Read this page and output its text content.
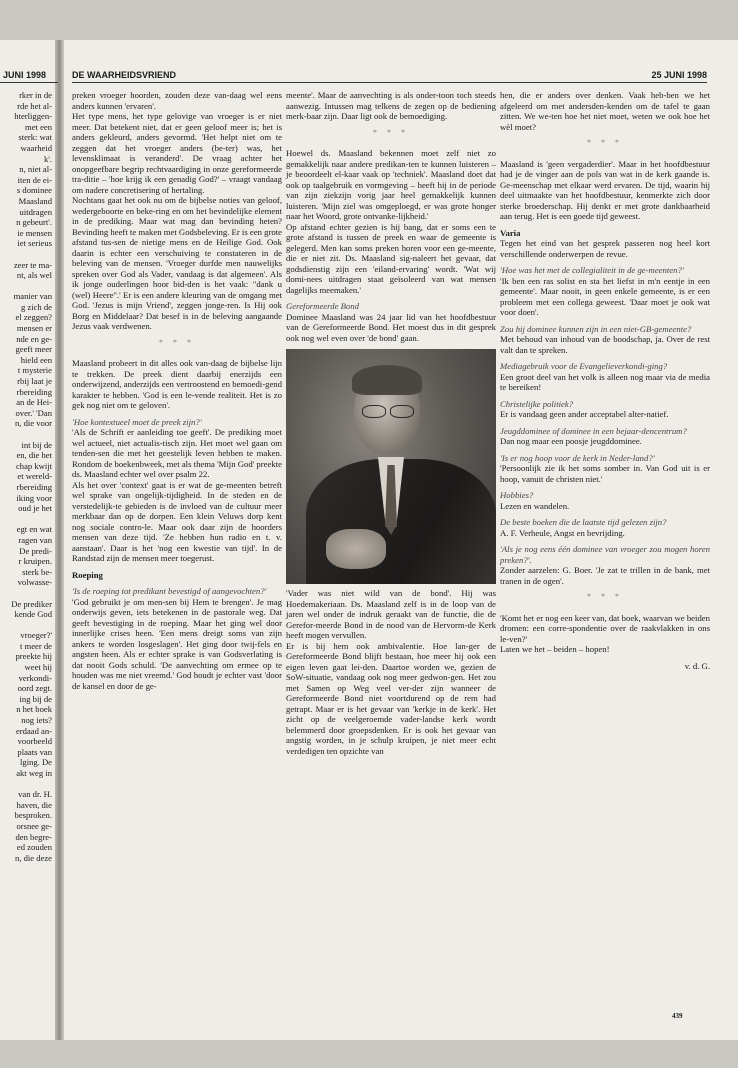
JUNI 1998

rker in de

rde het al-

hterliggen-

met een

sterk: wat

waarheid

k'.

n, niet al-

iten de ei-

s dominee

Maasland

uitdragen

n gebeurt'.

ie mensen

iet serieus

zeer te ma-

nt, als wel

manier van

g zich de

el zeggen?

mensen er

nde en ge-

geeft meer

hield een

t mysterie

rbij laat je

rbereiding

an de Hei-

over.' 'Dan

n, die voor

int bij de

en, die het

chap kwijt

et wereld-

rbereiding

iking voor

oud je het

egt en wat

ragen van

De predi-

r kruipen.

sterk be-

volwasse-

De prediker

kende God

vroeger?'

t meer de

preekte hij

weet hij

verkondi-

oord zegt.

ing bij de

n het boek

nog iets?

erdaad an-

voorbeeld

plaats van

lging. De

akt weg in

van dr. H.

haven, die

besproken.

orsnee ge-

den begre-

ed zouden

n, die deze

DE WAARHEIDSVRIEND	25 JUNI 1998

preken vroeger hoorden, zouden deze van-daag wel eens anders kunnen 'ervaren'.

Het type mens, het type gelovige van vroeger is er niet meer. Dat betekent niet, dat er geen geloof meer is; het is anders gekleurd, anders gevormd. 'Het helpt niet om te zeggen dat het vroeger anders (be-ter) was, het levensklimaat is veranderd'. De vraag achter het onopgeefbare begrip rechtvaardiging in onze gereformeerde tra-ditie – 'hoe krijg ik een genadig God?' – vraagt vandaag om nadere concretisering of hertaling.

Nochtans gaat het ook nu om de bijbelse noties van geloof, wedergeboorte en beke-ring en om het bevindelijke element in de prediking. Maar wat mag dan bevinding heten? Bevinding heeft te maken met Godsbeleving. Er is een grote afstand tus-sen de nietige mens en de Heilige God. Ook daarin is echter een verschuiving te constateren in de beleving van de mensen. 'Vroeger durfde men nauwelijks spreken over God als Vader, vandaag is dat algemeen'. Als ik jonge ouderlingen hoor bid-den is het vaak: "dank u (wel) Heere".' Er is een andere kleuring van de omgang met God. 'Jezus is mijn Vriend', zeggen jonge-ren. Is Hij ook Borg en Middelaar? Dat besef is in de beleving aangaande Jezus vaak verdwenen.

* * *

Maasland probeert in dit alles ook van-daag de bijbelse lijn te trekken. De preek dient daarbij enerzijds een onderwijzend, anderzijds een vertroostend en bemoedi-gend karakter te hebben. 'God is een le-vende realiteit. Het is zo gek nog niet om te geloven'.

'Hoe kontextueel moet de preek zijn?'

'Als de Schrift er aanleiding toe geeft'. De prediking moet wel actueel, niet actualis-tisch zijn. Het moet wel gaan om tenden-sen die met het geestelijk leven hebben te maken. Rondom de boekenbweek, met als thema 'Mijn God' preekte ds. Maasland echter wel over psalm 22.

Als het over 'context' gaat is er wat de ge-meenten betreft wel sprake van ongelijk-tijdigheid. In de steden en de verstedelijk-te gebieden is de invloed van de cultuur meer merkbaar dan op de dorpen. Een klein Veluws dorp kent nog sociale contro-le. Maar ook daar zijn de hoorders mensen van deze tijd. 'Ze hebben hun radio en t. v. aanstaan'. Daar is het 'nog een kwestie van tijd'. In de Randstad zijn de mensen meer toegerust.

Roeping

'Is de roeping tot predikant bevestigd of aangevochten?'

'God gebruikt je om men-sen bij Hem te brengen'. Je mag onderwijs geven, iets betekenen in de pastorale weg. Dat geeft bevestiging in de roeping. Maar het ging wel door innerlijke crises heen. 'Een mens dreigt soms van zijn ankers te worden losgeslagen'. Het ging door twij-fels en angsten heen. Als er echter sprake is van Godsverlating is dat nooit Gods schuld. 'De aanvechting om ermee op te houden was me niet vreemd.' God houdt je echter vast 'door de kansel en door de ge-

meente'. Maar de aanvechting is als onder-toon toch steeds aanwezig. Intussen mag telkens de zegen op de bediening merk-baar zijn. Daar ligt ook de bemoediging.

* * *

Hoewel ds. Maasland bekennen moet zelf niet zo gemakkelijk naar andere predikan-ten te kunnen luisteren – je beoordeelt el-kaar vaak op 'techniek'. Maasland doet dat ook op taalgebruik en vormgeving – heeft hij in de periode van zijn ziekzijn vorig jaar heel gemakkelijk kunnen luisteren. 'Mijn ziel was omgeploegd, er was grote honger naar het Woord, grote ontvanke-lijkheid.'

Op afstand echter gezien is hij bang, dat er soms een te grote afstand is tussen de preek en waar de gemeente is gelegerd. Men kan soms preken horen voor een ge-meente, die er niet zit. Ds. Maasland sig-naleert het gevaar, dat godsdienstig zijn een 'eiland-ervaring' wordt. 'Wat wij domi-nees uitdragen staat geïsoleerd van wat mensen dagelijks meemaken.'

Gereformeerde Bond

Dominee Maasland was 24 jaar lid van het hoofdbestuur van de Gereformeerde Bond. Het moest dus in dit gesprek ook nog wel even over 'de bond' gaan.

'Vader was niet wild van de bond'. Hij was Hoedemakeriaan. Ds. Maasland zelf is in de loop van de jaren wel onder de indruk geraakt van de functie, die de Gerefor-meerde Bond in de nood van de Hervorm-de Kerk heeft mogen vervullen.

Er is bij hem ook ambivalentie. Hoe lan-ger de Gereformeerde Bond blijft bestaan, hoe meer hij ook een eigen leven gaat lei-den. Daartoe worden we, gezien de SoW-situatie, vandaag ook nog meer gedwon-gen. Het zou met Samen op Weg veel ver-der zijn wanneer de Gereformeerde Bond niet voortdurend op de rem had getrapt. Maar er is het gevaar van 'kerkje in de kerk'. Het zicht op de veelgeroemde vader-landse kerk wordt belemmerd door groepsdenken. Er is ook het gevaar van angstig worden, in je schulp kruipen, je niet meer echt verdedigen ten opzichte van

hen, die er anders over denken. Vaak heb-ben we het afgeleerd om met andersden-kenden om de tafel te gaan zitten. We we-ten hoe het niet moet, weten we ook hoe het wèl moet?

* * *

Maasland is 'geen vergaderdier'. Maar in het hoofdbestuur had je de vinger aan de pols van wat in de kerk gaande is. Ge-meenschap met elkaar werd ervaren. De tijd, waarin hij deel uitmaakte van het hoofdbestuur, kenmerkte zich door sterke broederschap. Hij denkt er met grote dankbaarheid aan terug. Het is een goede tijd geweest.

Varia

Tegen het eind van het gesprek passeren nog heel kort verschillende onderwerpen de revue.

'Hoe was het met de collegialiteit in de ge-meenten?'

'Ik ben een ras solist en sta het liefst in m'n eentje in een gemeente'. Maar nooit, in geen enkele gemeente, is er een probleem met een collega geweest. 'Daar moet je ook wat voor doen'.

Zou hij dominee kunnen zijn in een niet-GB-gemeente?

Met behoud van inhoud van de boodschap, ja. Over de rest valt dan te spreken.

Mediagebruik voor de Evangelieverkondi-ging?

Een groot deel van het volk is alleen nog maar via de media te bereiken!

Christelijke politiek?

Er is vandaag geen ander acceptabel alter-natief.

Jeugddominee of dominee in een bejaar-dencentrum?

Dan nog maar een poosje jeugddominee.

'Is er nog hoop voor de kerk in Neder-land?'

'Persoonlijk zie ik het soms somber in. Van God uit is er hoop, vanuit de christen niet.'

Hobbies?

Lezen en wandelen.

De beste boeken die de laatste tijd gelezen zijn?

A. F. Verheule, Angst en bevrijding.

'Als je nog eens één dominee van vroeger zou mogen horen preken?'.

Zonder aarzelen: G. Boer. 'Je zat te trillen in de bank, met tranen in de ogen'.

* * *

'Komt het er nog een keer van, dat boek, waarvan we beiden dromen: een corre-spondentie over de raakvlakken in ons le-ven?'

Laten we het – beiden – hopen!

v. d. G.

439
